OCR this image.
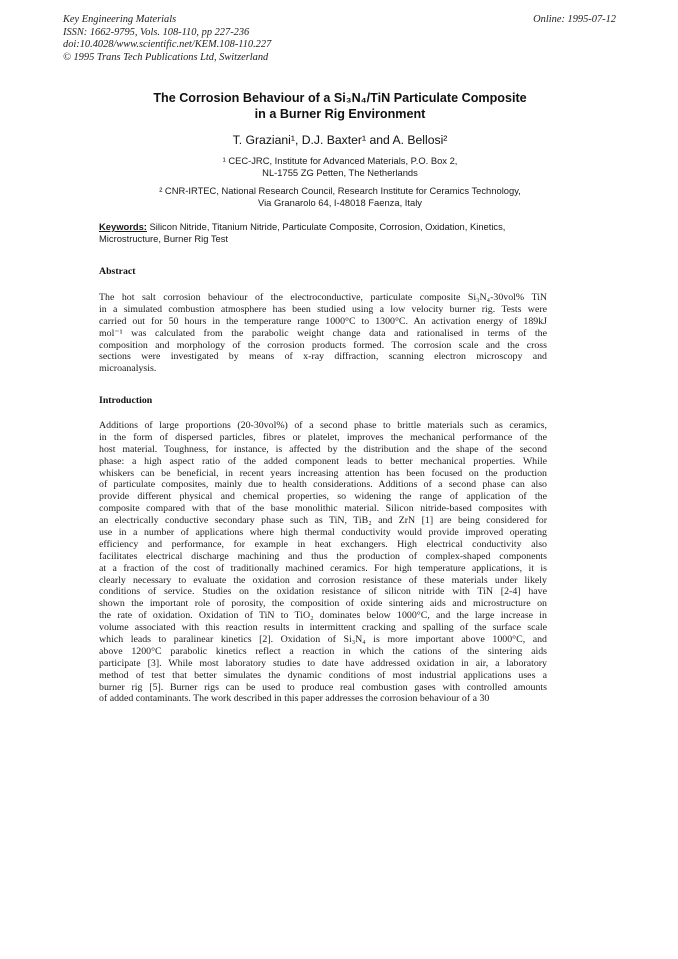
Key Engineering Materials
ISSN: 1662-9795, Vols. 108-110, pp 227-236
doi:10.4028/www.scientific.net/KEM.108-110.227
© 1995 Trans Tech Publications Ltd, Switzerland
Online: 1995-07-12
The Corrosion Behaviour of a Si₃N₄/TiN Particulate Composite
in a Burner Rig Environment
T. Graziani¹, D.J. Baxter¹ and A. Bellosi²
¹ CEC-JRC, Institute for Advanced Materials, P.O. Box 2,
NL-1755 ZG Petten, The Netherlands
² CNR-IRTEC, National Research Council, Research Institute for Ceramics Technology,
Via Granarolo 64, I-48018 Faenza, Italy
Keywords: Silicon Nitride, Titanium Nitride, Particulate Composite, Corrosion, Oxidation, Kinetics, Microstructure, Burner Rig Test
Abstract
The hot salt corrosion behaviour of the electroconductive, particulate composite Si₃N₄-30vol% TiN
in a simulated combustion atmosphere has been studied using a low velocity burner rig. Tests were
carried out for 50 hours in the temperature range 1000°C to 1300°C. An activation energy of 189kJ
mol⁻¹ was calculated from the parabolic weight change data and rationalised in terms of the
composition and morphology of the corrosion products formed. The corrosion scale and the cross
sections were investigated by means of x-ray diffraction, scanning electron microscopy and
microanalysis.
Introduction
Additions of large proportions (20-30vol%) of a second phase to brittle materials such as ceramics,
in the form of dispersed particles, fibres or platelet, improves the mechanical performance of the
host material. Toughness, for instance, is affected by the distribution and the shape of the second
phase: a high aspect ratio of the added component leads to better mechanical properties. While
whiskers can be beneficial, in recent years increasing attention has been focused on the production
of particulate composites, mainly due to health considerations. Additions of a second phase can also
provide different physical and chemical properties, so widening the range of application of the
composite compared with that of the base monolithic material. Silicon nitride-based composites with
an electrically conductive secondary phase such as TiN, TiB₂ and ZrN [1] are being considered for
use in a number of applications where high thermal conductivity would provide improved operating
efficiency and performance, for example in heat exchangers. High electrical conductivity also
facilitates electrical discharge machining and thus the production of complex-shaped components
at a fraction of the cost of traditionally machined ceramics. For high temperature applications, it is
clearly necessary to evaluate the oxidation and corrosion resistance of these materials under likely
conditions of service. Studies on the oxidation resistance of silicon nitride with TiN [2-4] have
shown the important role of porosity, the composition of oxide sintering aids and microstructure on
the rate of oxidation. Oxidation of TiN to TiO₂ dominates below 1000°C, and the large increase in
volume associated with this reaction results in intermittent cracking and spalling of the surface scale
which leads to paralinear kinetics [2]. Oxidation of Si₃N₄ is more important above 1000°C, and
above 1200°C parabolic kinetics reflect a reaction in which the cations of the sintering aids
participate [3]. While most laboratory studies to date have addressed oxidation in air, a laboratory
method of test that better simulates the dynamic conditions of most industrial applications uses a
burner rig [5]. Burner rigs can be used to produce real combustion gases with controlled amounts
of added contaminants. The work described in this paper addresses the corrosion behaviour of a 30
